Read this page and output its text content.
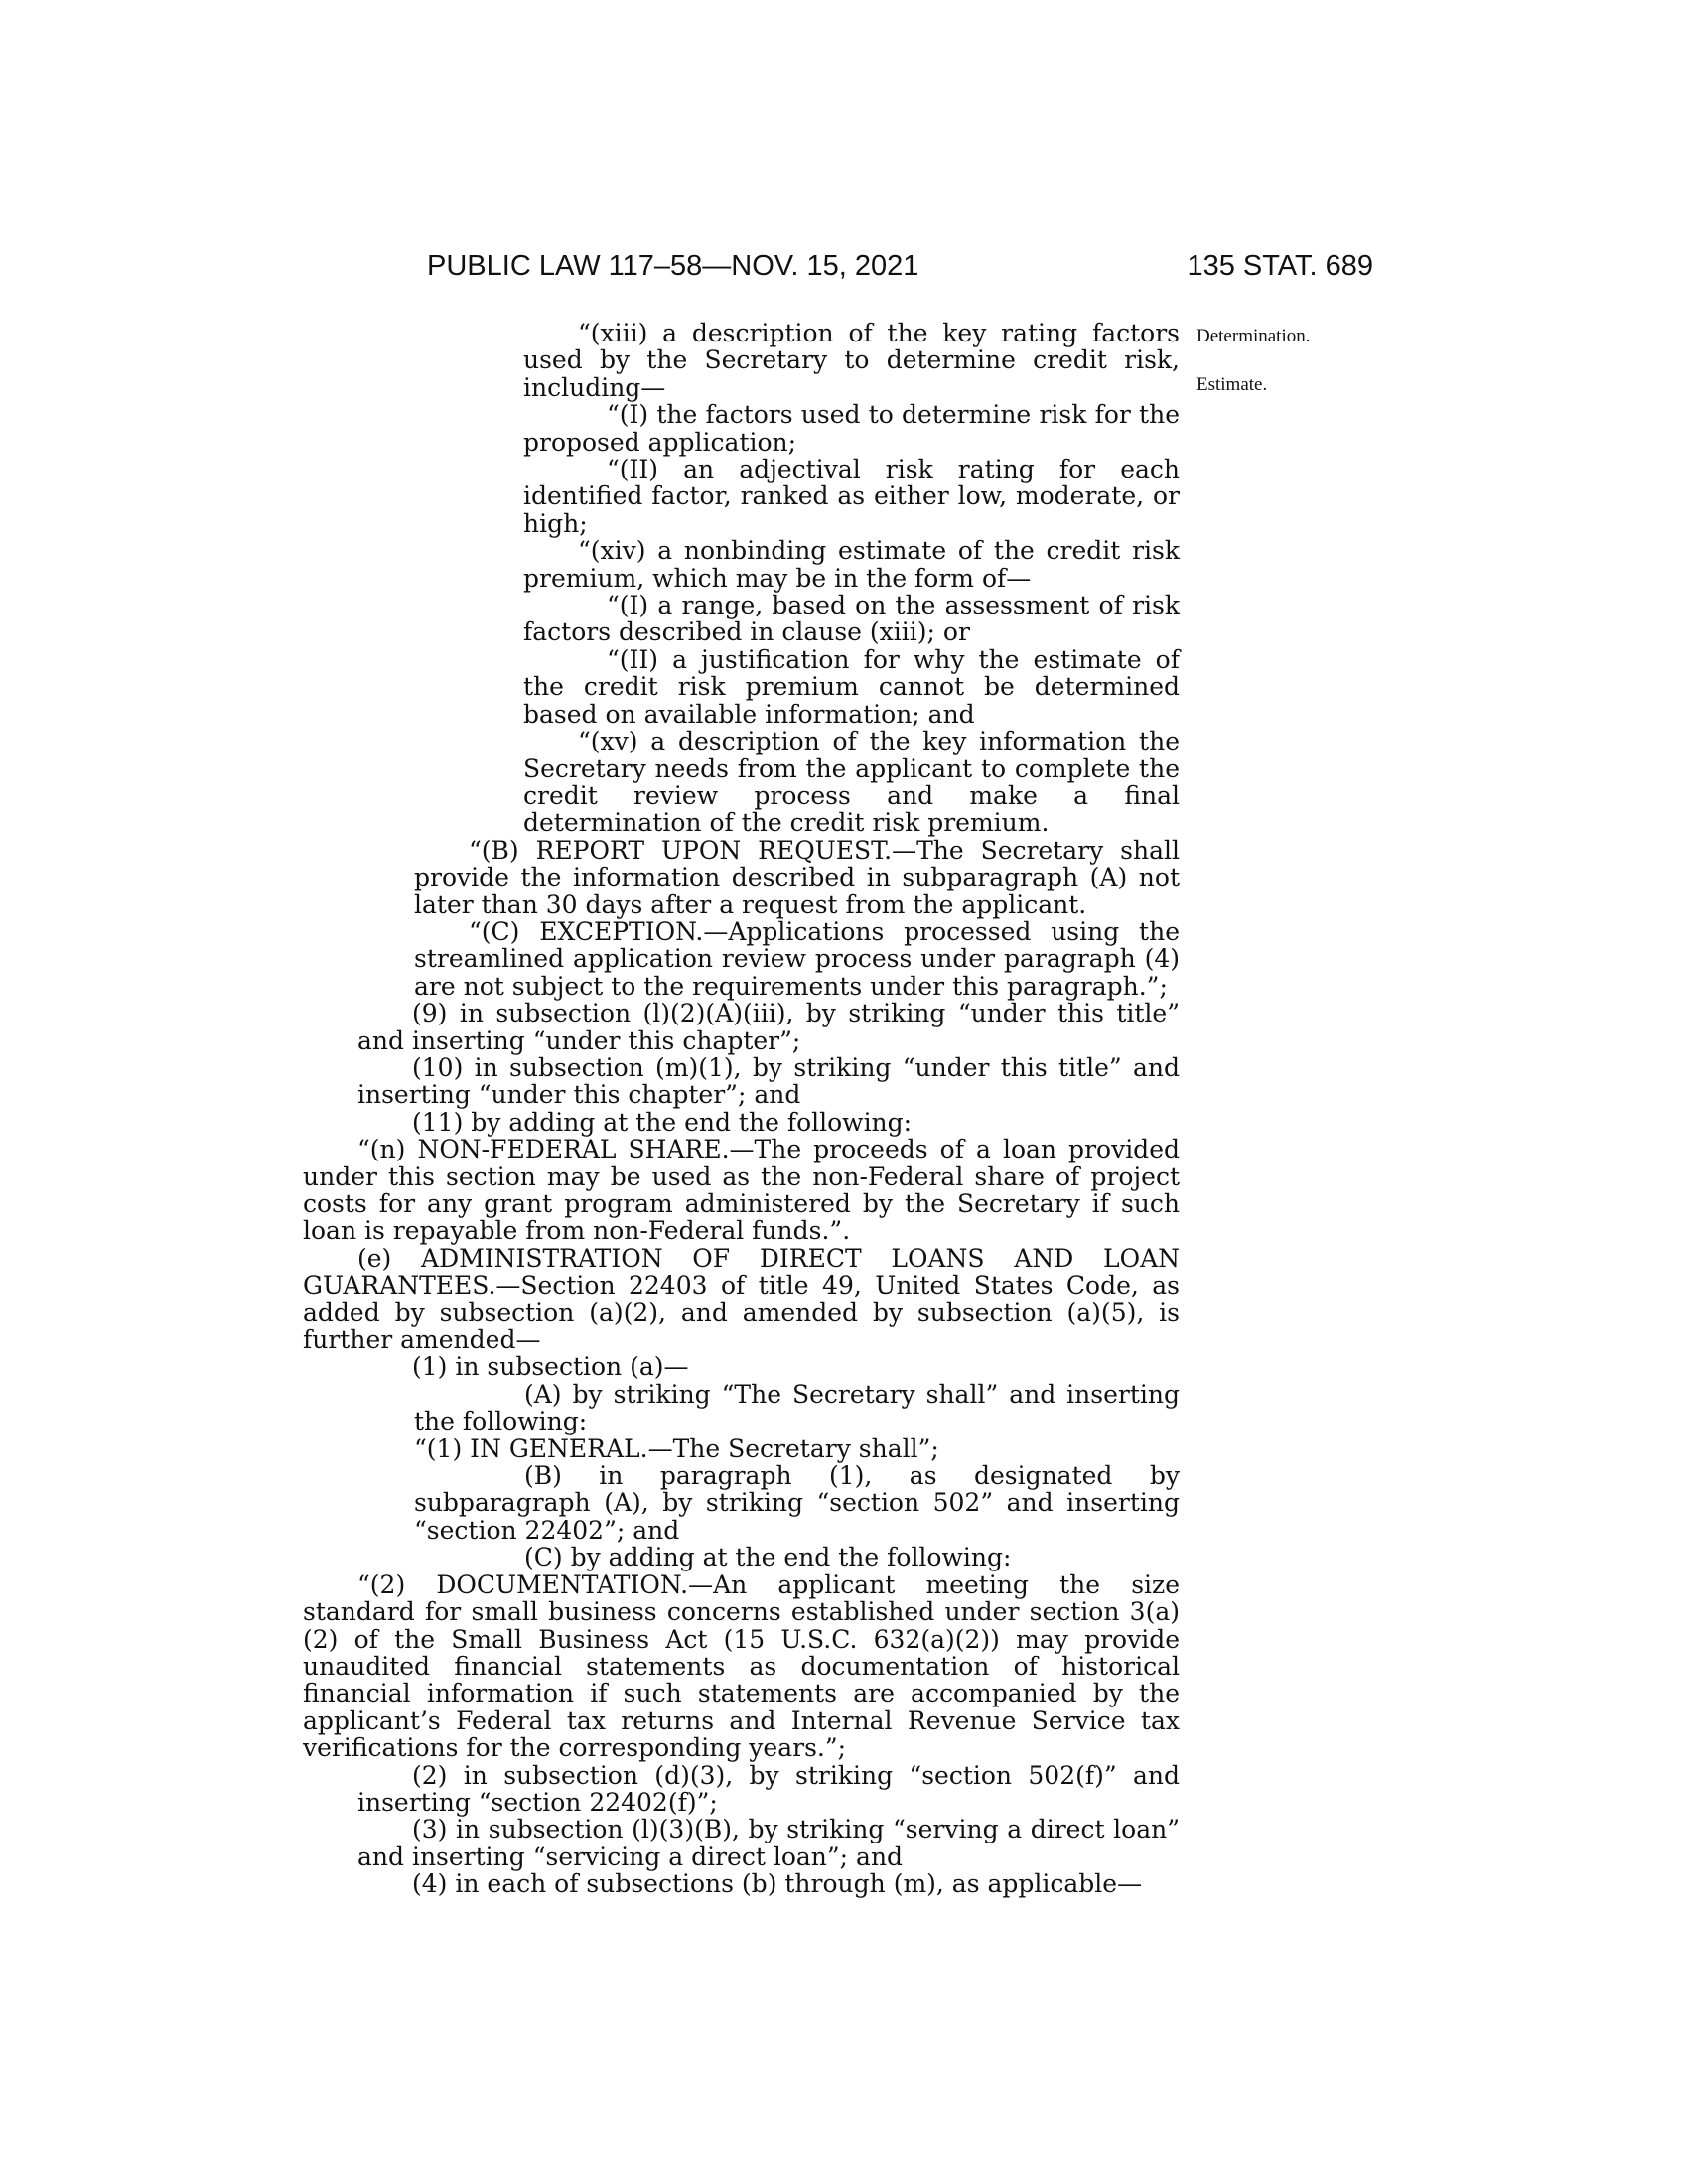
PUBLIC LAW 117–58—NOV. 15, 2021	135 STAT. 689
Determination.

“(xiii) a description of the key rating factors used by the Secretary to determine credit risk, including—

“(I) the factors used to determine risk for the proposed application;

“(II) an adjectival risk rating for each identified factor, ranked as either low, moderate, or high;

“(xiv) a nonbinding estimate of the credit risk premium, which may be in the form of—

“(I) a range, based on the assessment of risk factors described in clause (xiii); or

“(II) a justification for why the estimate of the credit risk premium cannot be determined based on available information; and

“(xv) a description of the key information the Secretary needs from the applicant to complete the credit review process and make a final determination of the credit risk premium.

“(B) REPORT UPON REQUEST.—The Secretary shall provide the information described in subparagraph (A) not later than 30 days after a request from the applicant.

“(C) EXCEPTION.—Applications processed using the streamlined application review process under paragraph (4) are not subject to the requirements under this paragraph.”;

(9) in subsection (l)(2)(A)(iii), by striking “under this title” and inserting “under this chapter”;

(10) in subsection (m)(1), by striking “under this title” and inserting “under this chapter”; and

(11) by adding at the end the following:

“(n) NON-FEDERAL SHARE.—The proceeds of a loan provided under this section may be used as the non-Federal share of project costs for any grant program administered by the Secretary if such loan is repayable from non-Federal funds.”.

(e) ADMINISTRATION OF DIRECT LOANS AND LOAN GUARANTEES.—Section 22403 of title 49, United States Code, as added by subsection (a)(2), and amended by subsection (a)(5), is further amended—

(1) in subsection (a)—

(A) by striking “The Secretary shall” and inserting the following:

“(1) IN GENERAL.—The Secretary shall”;

(B) in paragraph (1), as designated by subparagraph (A), by striking “section 502” and inserting “section 22402”; and

(C) by adding at the end the following:

“(2) DOCUMENTATION.—An applicant meeting the size standard for small business concerns established under section 3(a)(2) of the Small Business Act (15 U.S.C. 632(a)(2)) may provide unaudited financial statements as documentation of historical financial information if such statements are accompanied by the applicant’s Federal tax returns and Internal Revenue Service tax verifications for the corresponding years.”;

(2) in subsection (d)(3), by striking “section 502(f)” and inserting “section 22402(f)”;

(3) in subsection (l)(3)(B), by striking “serving a direct loan” and inserting “servicing a direct loan”; and

(4) in each of subsections (b) through (m), as applicable—

Estimate.
